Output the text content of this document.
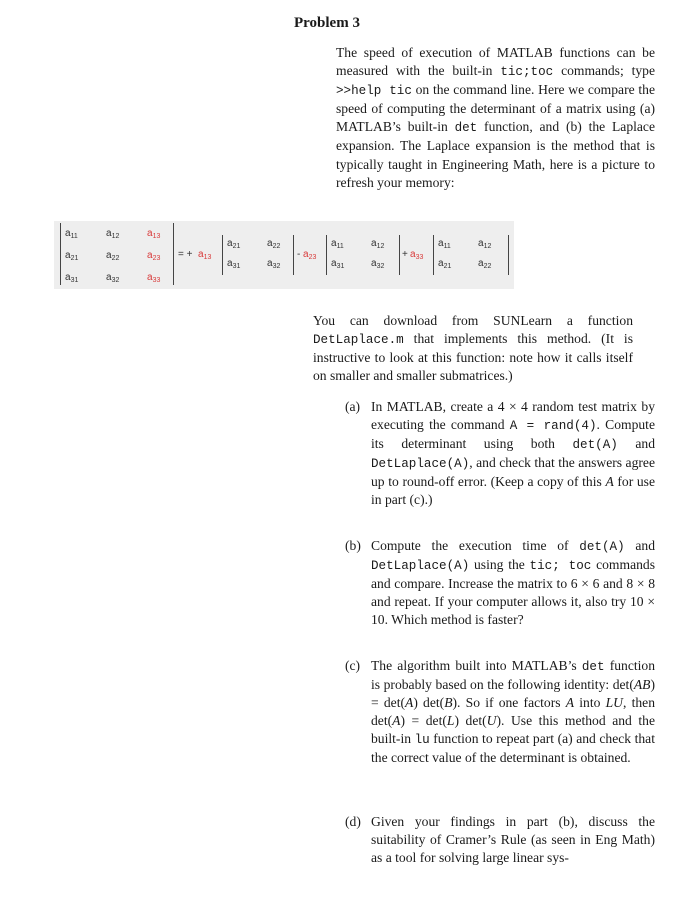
Problem 3

The speed of execution of MATLAB functions can be measured with the built-in tic;toc commands; type >>help tic on the command line. Here we compare the speed of computing the determinant of a matrix using (a) MATLAB’s built-in det function, and (b) the Laplace expansion. The Laplace expansion is the method that is typically taught in Engineering Math, here is a picture to refresh your memory:

$a_{11}$	$a_{12}$	$a_{13}$
$a_{21}$	$a_{22}$	$a_{23}$
$a_{31}$	$a_{32}$	$a_{33}$
= + $a_{13}$
$a_{21}$	$a_{22}$
$a_{31}$	$a_{32}$
- $a_{23}$
$a_{11}$	$a_{12}$
$a_{31}$	$a_{32}$
+ $a_{33}$
$a_{11}$	$a_{12}$
$a_{21}$	$a_{22}$

You can download from SUNLearn a function DetLaplace.m that implements this method. (It is instructive to look at this function: note how it calls itself on smaller and smaller submatrices.)

(a) In MATLAB, create a 4 × 4 random test matrix by executing the command A = rand(4). Compute its determinant using both det(A) and DetLaplace(A), and check that the answers agree up to round-off error. (Keep a copy of this A for use in part (c).)
(b) Compute the execution time of det(A) and DetLaplace(A) using the tic; toc commands and compare. Increase the matrix to 6 × 6 and 8 × 8 and repeat. If your computer allows it, also try 10 × 10. Which method is faster?
(c) The algorithm built into MATLAB’s det function is probably based on the following identity: det(AB) = det(A) det(B). So if one factors A into LU, then det(A) = det(L) det(U). Use this method and the built-in lu function to repeat part (a) and check that the correct value of the determinant is obtained.
(d) Given your findings in part (b), discuss the suitability of Cramer’s Rule (as seen in Eng Math) as a tool for solving large linear sys-
